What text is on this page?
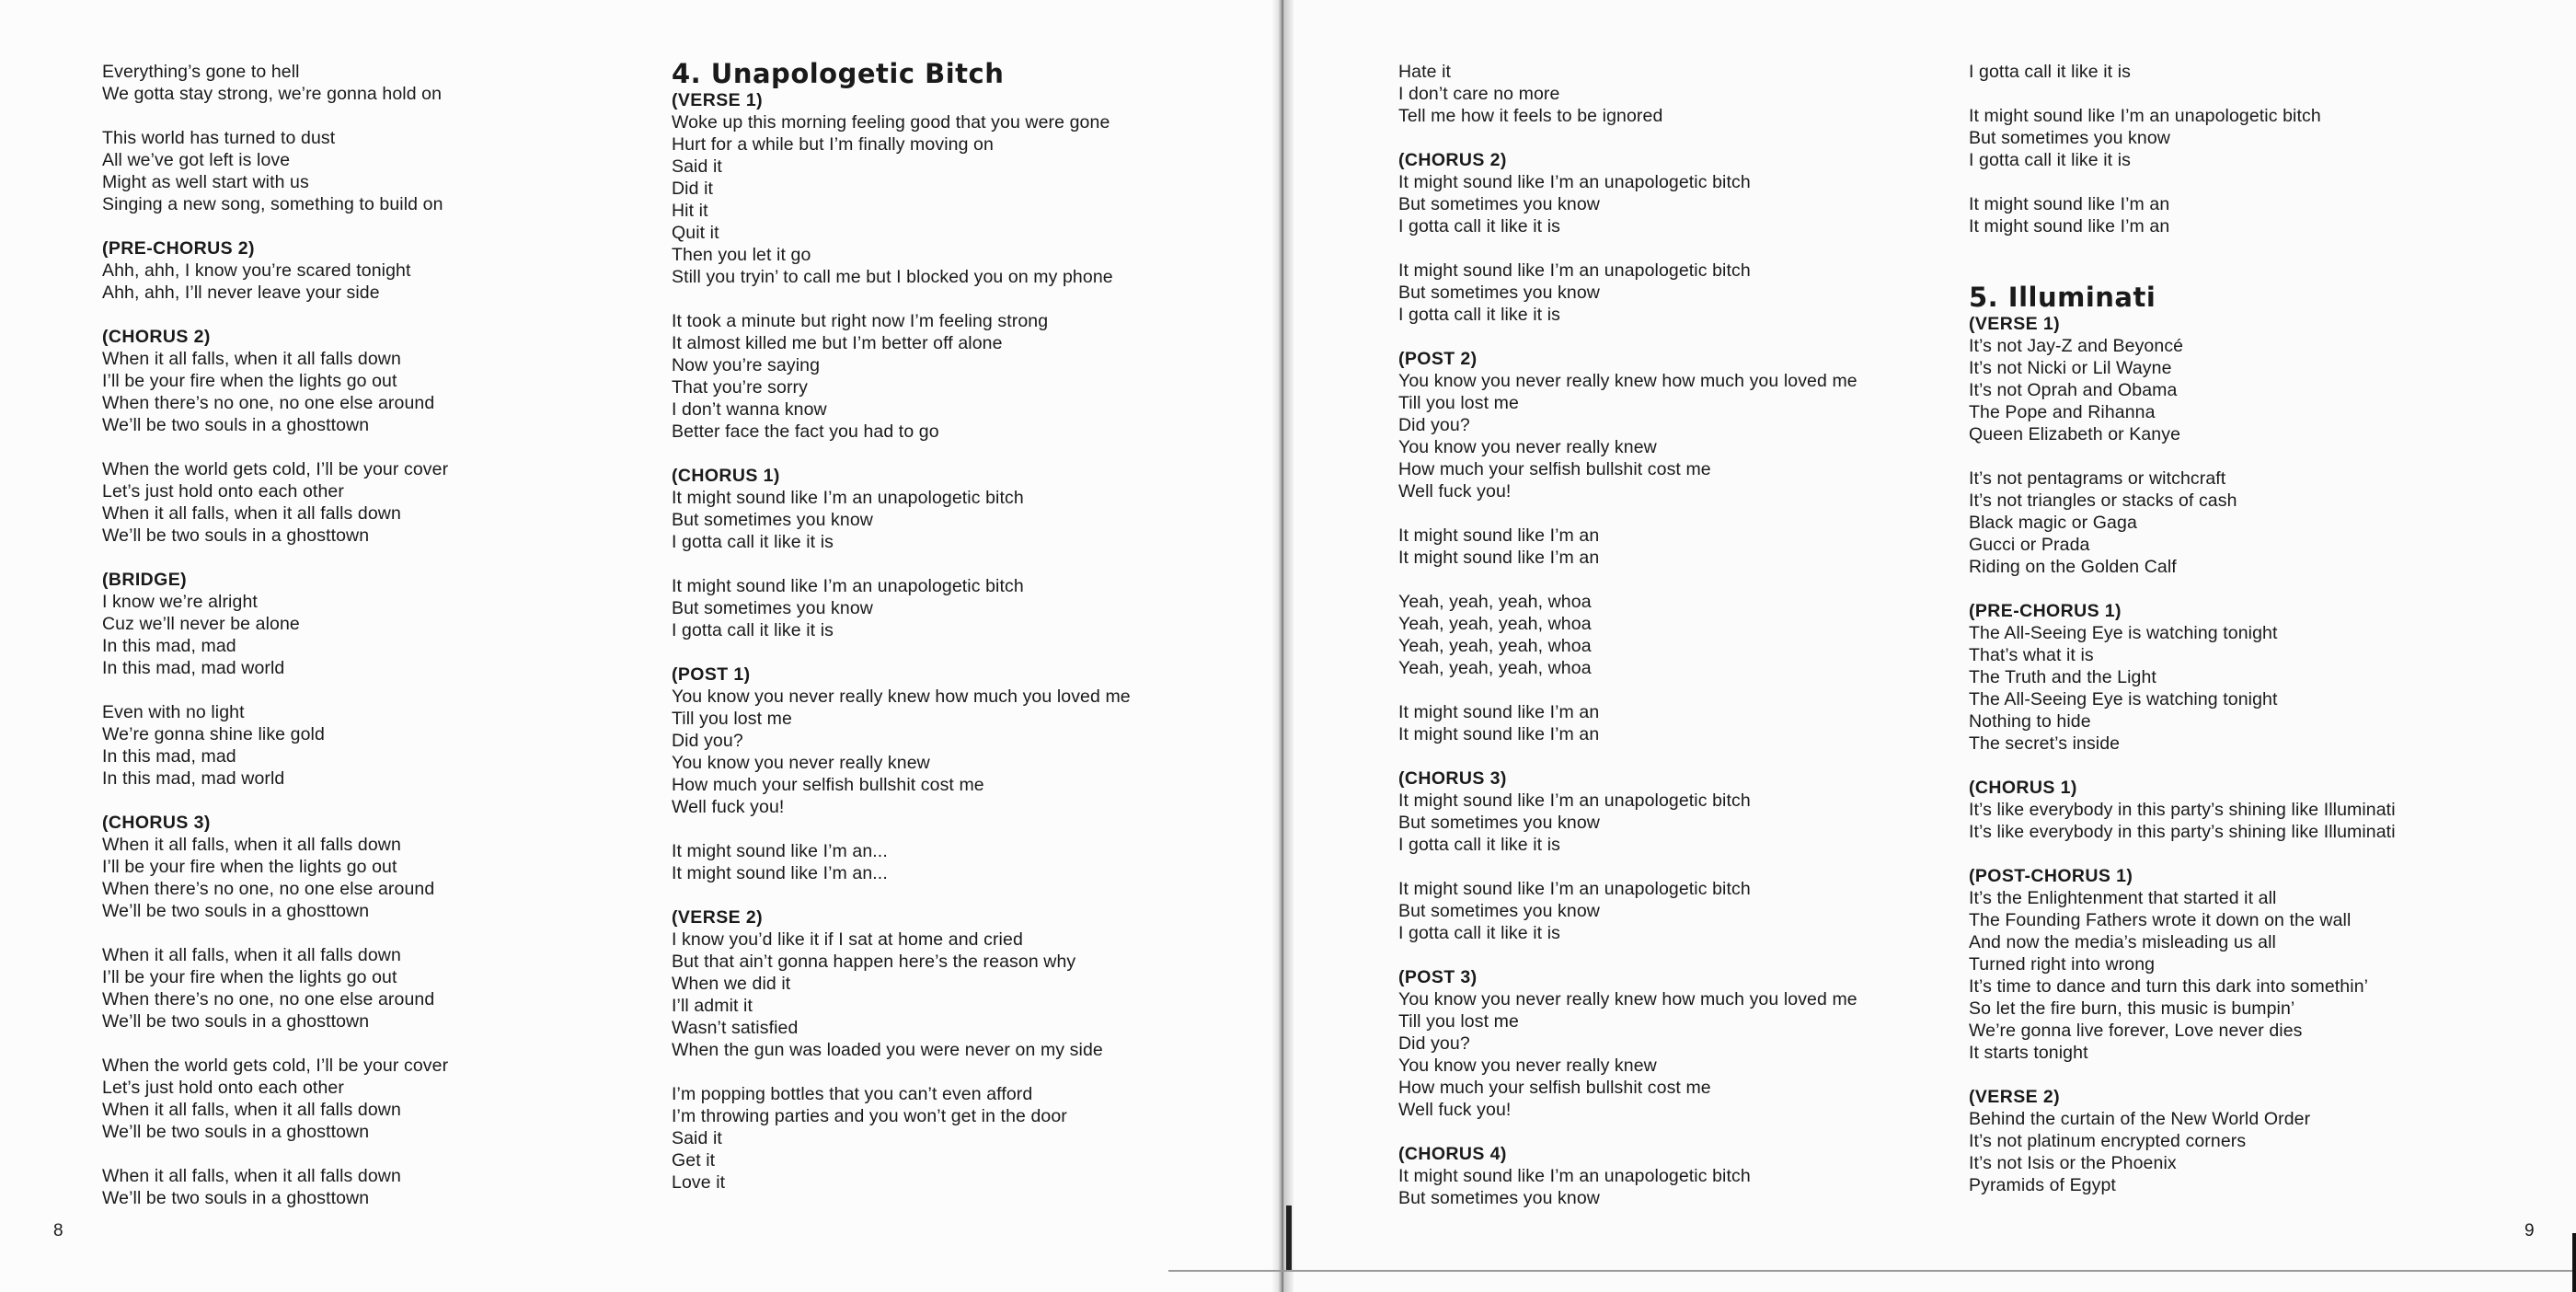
Everything’s gone to hell
We gotta stay strong, we’re gonna hold on
This world has turned to dust
All we’ve got left is love
Might as well start with us
Singing a new song, something to build on
(PRE-CHORUS 2)
Ahh, ahh, I know you’re scared tonight
Ahh, ahh, I’ll never leave your side
(CHORUS 2)
When it all falls, when it all falls down
I’ll be your fire when the lights go out
When there’s no one, no one else around
We’ll be two souls in a ghosttown
When the world gets cold, I’ll be your cover
Let’s just hold onto each other
When it all falls, when it all falls down
We’ll be two souls in a ghosttown
(BRIDGE)
I know we’re alright
Cuz we’ll never be alone
In this mad, mad
In this mad, mad world
Even with no light
We’re gonna shine like gold
In this mad, mad
In this mad, mad world
(CHORUS 3)
When it all falls, when it all falls down
I’ll be your fire when the lights go out
When there’s no one, no one else around
We’ll be two souls in a ghosttown
When it all falls, when it all falls down
I’ll be your fire when the lights go out
When there’s no one, no one else around
We’ll be two souls in a ghosttown
When the world gets cold, I’ll be your cover
Let’s just hold onto each other
When it all falls, when it all falls down
We’ll be two souls in a ghosttown
When it all falls, when it all falls down
We’ll be two souls in a ghosttown
4. Unapologetic Bitch
(VERSE 1)
Woke up this morning feeling good that you were gone
Hurt for a while but I’m finally moving on
Said it
Did it
Hit it
Quit it
Then you let it go
Still you tryin’ to call me but I blocked you on my phone
It took a minute but right now I’m feeling strong
It almost killed me but I’m better off alone
Now you’re saying
That you’re sorry
I don’t wanna know
Better face the fact you had to go
(CHORUS 1)
It might sound like I’m an unapologetic bitch
But sometimes you know
I gotta call it like it is
It might sound like I’m an unapologetic bitch
But sometimes you know
I gotta call it like it is
(POST 1)
You know you never really knew how much you loved me
Till you lost me
Did you?
You know you never really knew
How much your selfish bullshit cost me
Well fuck you!
It might sound like I’m an...
It might sound like I’m an...
(VERSE 2)
I know you’d like it if I sat at home and cried
But that ain’t gonna happen here’s the reason why
When we did it
I’ll admit it
Wasn’t satisfied
When the gun was loaded you were never on my side
I’m popping bottles that you can’t even afford
I’m throwing parties and you won’t get in the door
Said it
Get it
Love it
Hate it
I don’t care no more
Tell me how it feels to be ignored
(CHORUS 2)
It might sound like I’m an unapologetic bitch
But sometimes you know
I gotta call it like it is
It might sound like I’m an unapologetic bitch
But sometimes you know
I gotta call it like it is
(POST 2)
You know you never really knew how much you loved me
Till you lost me
Did you?
You know you never really knew
How much your selfish bullshit cost me
Well fuck you!
It might sound like I’m an
It might sound like I’m an
Yeah, yeah, yeah, whoa
Yeah, yeah, yeah, whoa
Yeah, yeah, yeah, whoa
Yeah, yeah, yeah, whoa
It might sound like I’m an
It might sound like I’m an
(CHORUS 3)
It might sound like I’m an unapologetic bitch
But sometimes you know
I gotta call it like it is
It might sound like I’m an unapologetic bitch
But sometimes you know
I gotta call it like it is
(POST 3)
You know you never really knew how much you loved me
Till you lost me
Did you?
You know you never really knew
How much your selfish bullshit cost me
Well fuck you!
(CHORUS 4)
It might sound like I’m an unapologetic bitch
But sometimes you know
I gotta call it like it is
It might sound like I’m an unapologetic bitch
But sometimes you know
I gotta call it like it is
It might sound like I’m an
It might sound like I’m an
5. Illuminati
(VERSE 1)
It’s not Jay-Z and Beyoncé
It’s not Nicki or Lil Wayne
It’s not Oprah and Obama
The Pope and Rihanna
Queen Elizabeth or Kanye
It’s not pentagrams or witchcraft
It’s not triangles or stacks of cash
Black magic or Gaga
Gucci or Prada
Riding on the Golden Calf
(PRE-CHORUS 1)
The All-Seeing Eye is watching tonight
That’s what it is
The Truth and the Light
The All-Seeing Eye is watching tonight
Nothing to hide
The secret’s inside
(CHORUS 1)
It’s like everybody in this party’s shining like Illuminati
It’s like everybody in this party’s shining like Illuminati
(POST-CHORUS 1)
It’s the Enlightenment that started it all
The Founding Fathers wrote it down on the wall
And now the media’s misleading us all
Turned right into wrong
It’s time to dance and turn this dark into somethin’
So let the fire burn, this music is bumpin’
We’re gonna live forever, Love never dies
It starts tonight
(VERSE 2)
Behind the curtain of the New World Order
It’s not platinum encrypted corners
It’s not Isis or the Phoenix
Pyramids of Egypt
8	9
